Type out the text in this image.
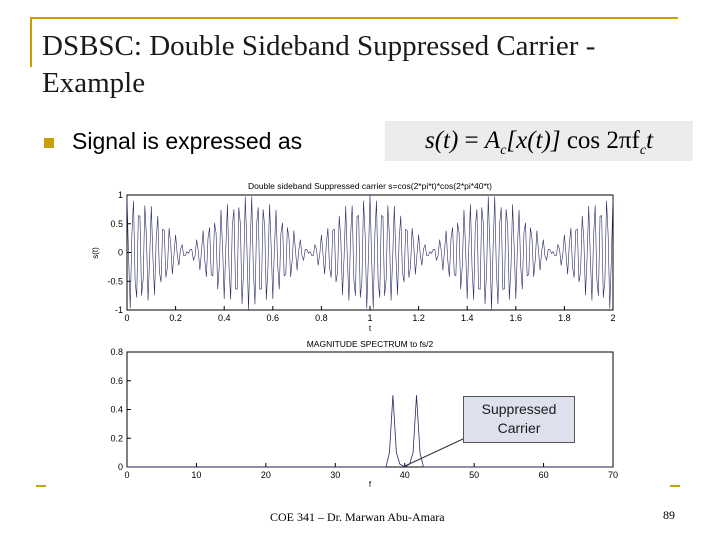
DSBSC: Double Sideband Suppressed Carrier - Example
Signal is expressed as	$s(t) = A_c[x(t)]$ $\cos 2\pi f_ct$
Double sideband Suppressed carrier s=cos(2*pi*t)*cos(2*pi*40*t)
1
0.5
0
-0.5
-1
0	0.2	0.4	0.6	0.8	1	1.2	1.4	1.6	1.8	2
s(t)
t
MAGNITUDE SPECTRUM to fs/2
0.8
0.6
0.4
0.2
0
0	10	20	30	40	50	60	70
f
Suppressed
Carrier
COE 341 – Dr. Marwan Abu-Amara	89
